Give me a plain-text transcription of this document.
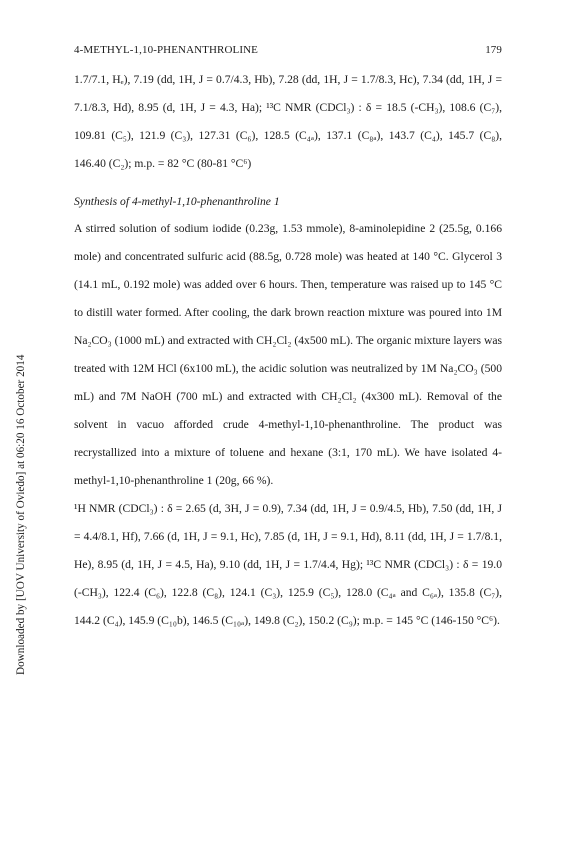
Downloaded by [UOV University of Oviedo] at 06:20 16 October 2014
4-METHYL-1,10-PHENANTHROLINE	179

1.7/7.1, Hₑ), 7.19 (dd, 1H, J = 0.7/4.3, Hb), 7.28 (dd, 1H, J = 1.7/8.3, Hc), 7.34 (dd, 1H, J = 7.1/8.3, Hd), 8.95 (d, 1H, J = 4.3, Ha); ¹³C NMR (CDCl₃) : δ = 18.5 (-CH₃), 108.6 (C₇), 109.81 (C₅), 121.9 (C₃), 127.31 (C₆), 128.5 (C₄ₐ), 137.1 (C₈ₐ), 143.7 (C₄), 145.7 (C₈), 146.40 (C₂); m.p. = 82 °C (80-81 °C⁶)

Synthesis of 4-methyl-1,10-phenanthroline 1

A stirred solution of sodium iodide (0.23g, 1.53 mmole), 8-aminolepidine 2 (25.5g, 0.166 mole) and concentrated sulfuric acid (88.5g, 0.728 mole) was heated at 140 °C. Glycerol 3 (14.1 mL, 0.192 mole) was added over 6 hours. Then, temperature was raised up to 145 °C to distill water formed. After cooling, the dark brown reaction mixture was poured into 1M Na₂CO₃ (1000 mL) and extracted with CH₂Cl₂ (4x500 mL). The organic mixture layers was treated with 12M HCl (6x100 mL), the acidic solution was neutralized by 1M Na₂CO₃ (500 mL) and 7M NaOH (700 mL) and extracted with CH₂Cl₂ (4x300 mL). Removal of the solvent in vacuo afforded crude 4-methyl-1,10-phenanthroline. The product was recrystallized into a mixture of toluene and hexane (3:1, 170 mL). We have isolated 4-methyl-1,10-phenanthroline 1 (20g, 66 %).

¹H NMR (CDCl₃) : δ = 2.65 (d, 3H, J = 0.9), 7.34 (dd, 1H, J = 0.9/4.5, Hb), 7.50 (dd, 1H, J = 4.4/8.1, Hf), 7.66 (d, 1H, J = 9.1, Hc), 7.85 (d, 1H, J = 9.1, Hd), 8.11 (dd, 1H, J = 1.7/8.1, He), 8.95 (d, 1H, J = 4.5, Ha), 9.10 (dd, 1H, J = 1.7/4.4, Hg); ¹³C NMR (CDCl₃) : δ = 19.0 (-CH₃), 122.4 (C₆), 122.8 (C₈), 124.1 (C₃), 125.9 (C₅), 128.0 (C₄ₐ and C₆ₐ), 135.8 (C₇), 144.2 (C₄), 145.9 (C₁₀b), 146.5 (C₁₀ₐ), 149.8 (C₂), 150.2 (C₉); m.p. = 145 °C (146-150 °C⁶).
